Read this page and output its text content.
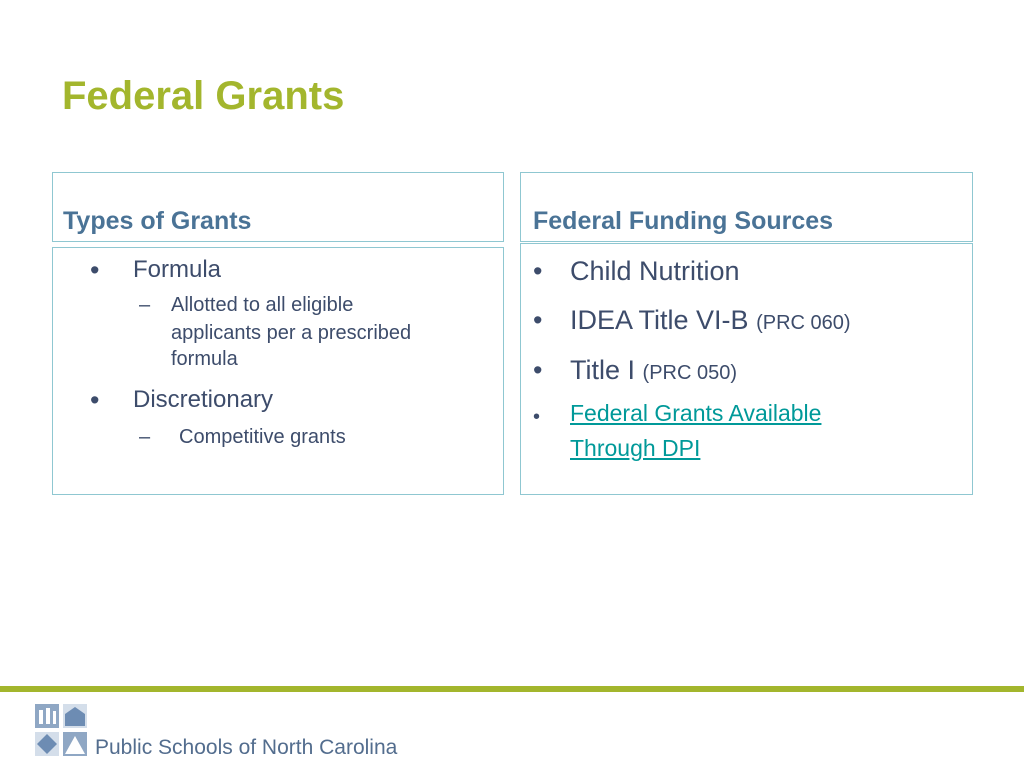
Federal Grants
Types of Grants
• Formula
– Allotted to all eligible
applicants per a prescribed
formula
• Discretionary
– Competitive grants
Federal Funding Sources
• Child Nutrition
• IDEA Title VI-B (PRC 060)
• Title I (PRC 050)
• Federal Grants Available
Through DPI
Public Schools of North Carolina
